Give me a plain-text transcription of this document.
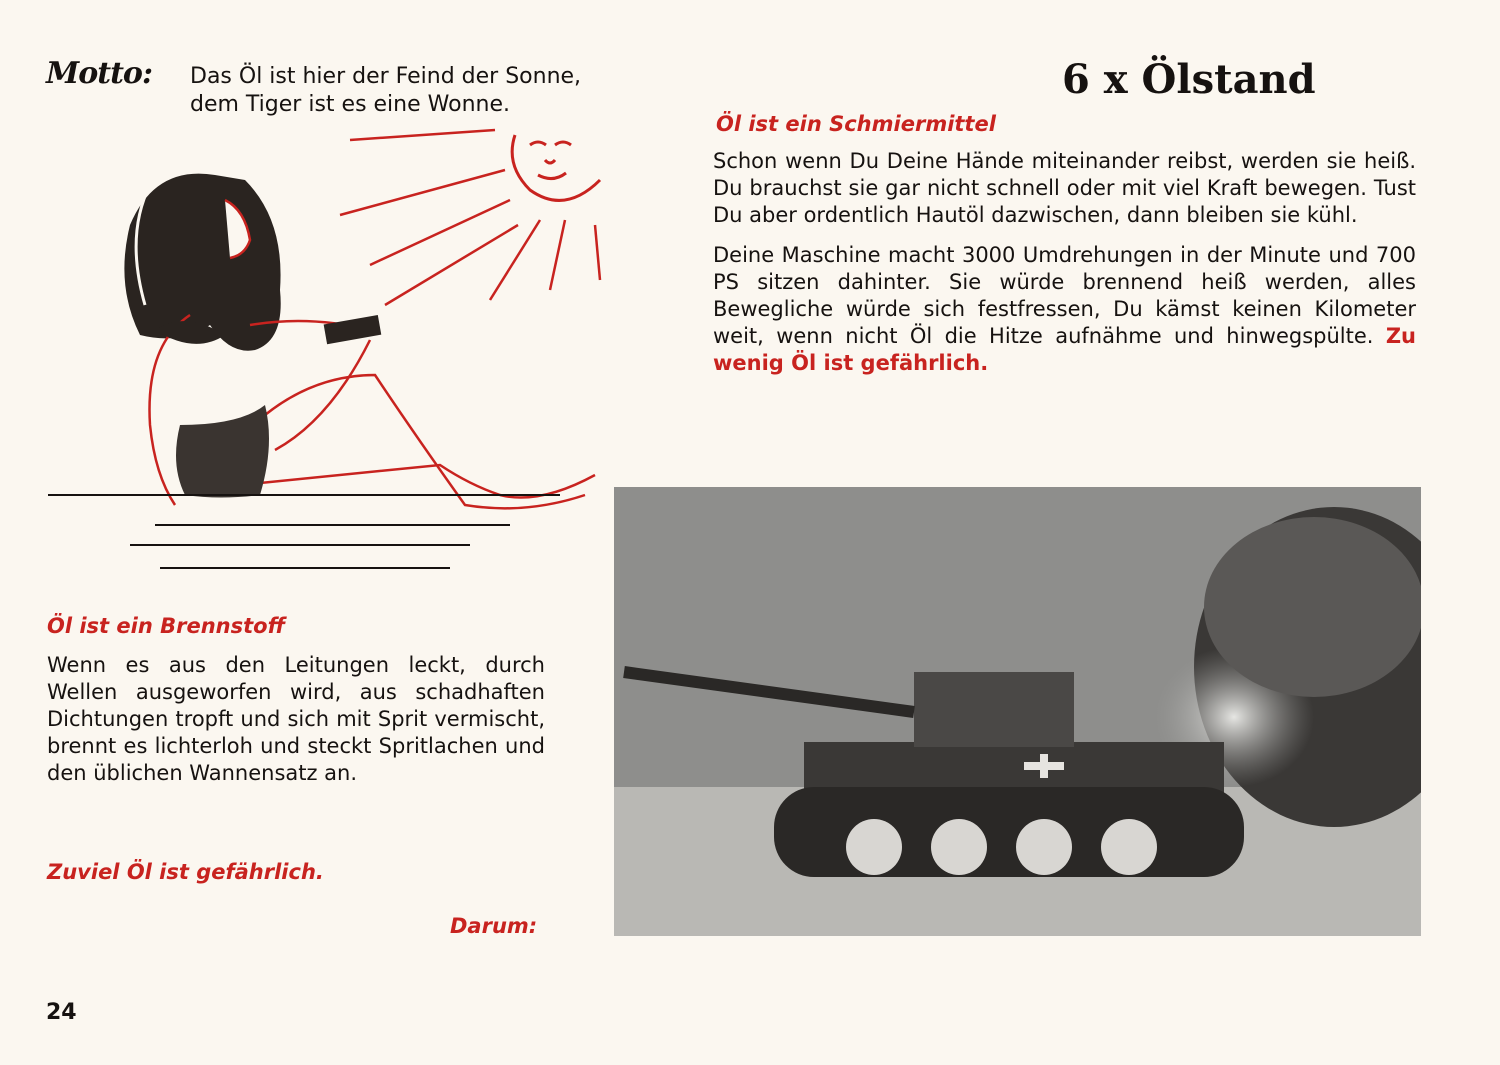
Motto: Das Öl ist hier der Feind der Sonne,
dem Tiger ist es eine Wonne.
6 x Ölstand
Öl ist ein Schmiermittel

Schon wenn Du Deine Hände miteinander reibst, werden sie heiß. Du brauchst sie gar nicht schnell oder mit viel Kraft bewegen. Tust Du aber ordentlich Hautöl dazwischen, dann bleiben sie kühl.

Deine Maschine macht 3000 Umdrehungen in der Minute und 700 PS sitzen dahinter. Sie würde brennend heiß werden, alles Bewegliche würde sich festfressen, Du kämst keinen Kilometer weit, wenn nicht Öl die Hitze aufnähme und hinwegspülte. Zu wenig Öl ist gefährlich.

Öl ist ein Brennstoff
Wenn es aus den Leitungen leckt, durch Wellen ausgeworfen wird, aus schadhaften Dichtungen tropft und sich mit Sprit vermischt, brennt es lichterloh und steckt Spritlachen und den üblichen Wannensatz an.
Zuviel Öl ist gefährlich.
Darum:
24
